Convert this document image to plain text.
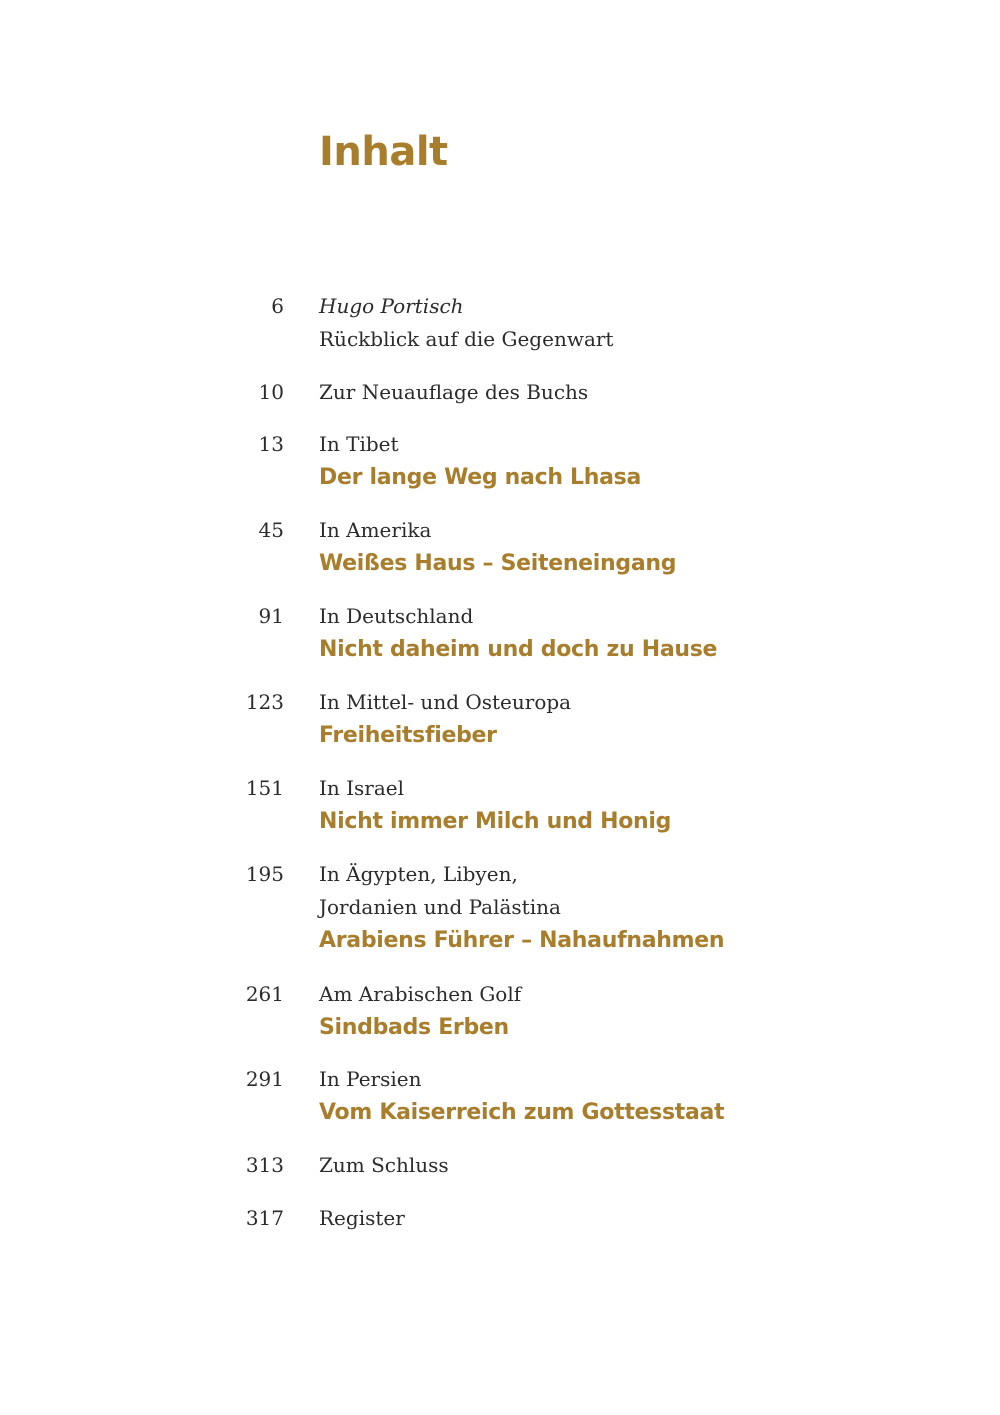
Inhalt
6 Hugo Portisch
Rückblick auf die Gegenwart
10 Zur Neuauflage des Buchs
13 In Tibet
Der lange Weg nach Lhasa
45 In Amerika
Weißes Haus – Seiteneingang
91 In Deutschland
Nicht daheim und doch zu Hause
123 In Mittel- und Osteuropa
Freiheitsfieber
151 In Israel
Nicht immer Milch und Honig
195 In Ägypten, Libyen,
Jordanien und Palästina
Arabiens Führer – Nahaufnahmen
261 Am Arabischen Golf
Sindbads Erben
291 In Persien
Vom Kaiserreich zum Gottesstaat
313 Zum Schluss
317 Register
